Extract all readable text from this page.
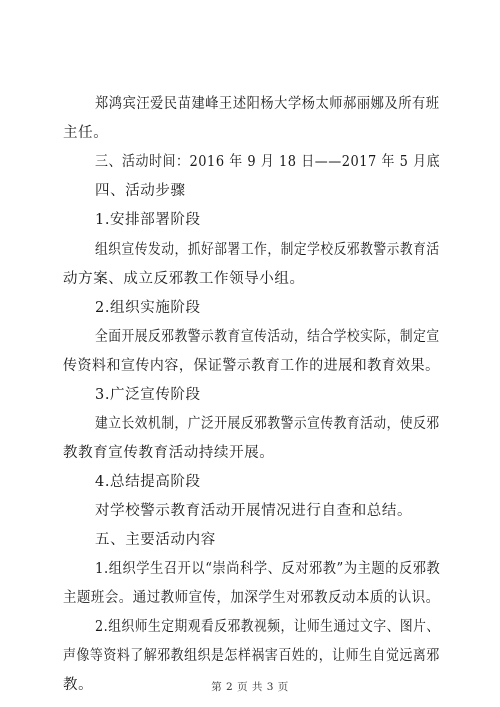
郑鸿宾汪爱民苗建峰王述阳杨大学杨太师郝丽娜及所有班
主任。
三、活动时间：2016 年 9 月 18 日——2017 年 5 月底
四、活动步骤
1.安排部署阶段
组织宣传发动，抓好部署工作，制定学校反邪教警示教育活
动方案、成立反邪教工作领导小组。
2.组织实施阶段
全面开展反邪教警示教育宣传活动，结合学校实际，制定宣
传资料和宣传内容，保证警示教育工作的进展和教育效果。
3.广泛宣传阶段
建立长效机制，广泛开展反邪教警示宣传教育活动，使反邪
教教育宣传教育活动持续开展。
4.总结提高阶段
对学校警示教育活动开展情况进行自查和总结。
五、主要活动内容
1.组织学生召开以“崇尚科学、反对邪教”为主题的反邪教
主题班会。通过教师宣传，加深学生对邪教反动本质的认识。
2.组织师生定期观看反邪教视频，让师生通过文字、图片、
声像等资料了解邪教组织是怎样祸害百姓的，让师生自觉远离邪
教。	第 2 页 共 3 页
